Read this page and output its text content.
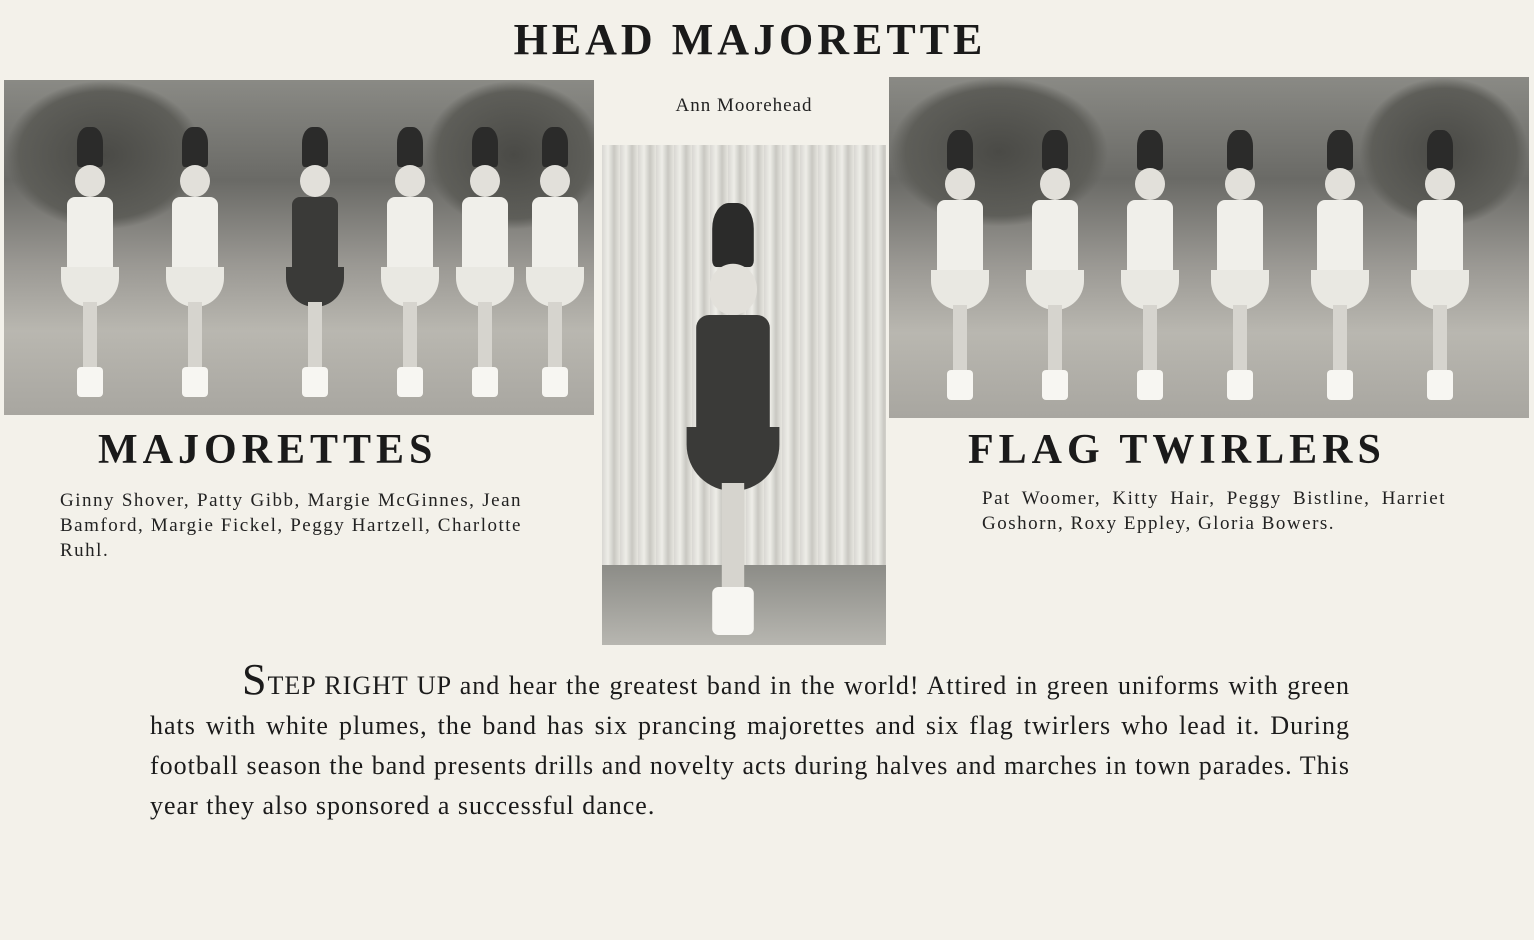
HEAD MAJORETTE
Ann Moorehead
MAJORETTES

Ginny Shover, Patty Gibb, Margie McGinnes, Jean Bamford, Margie Fickel, Peggy Hartzell, Charlotte Ruhl.

FLAG TWIRLERS

Pat Woomer, Kitty Hair, Peggy Bistline, Harriet Goshorn, Roxy Eppley, Gloria Bowers.

STEP RIGHT UP and hear the greatest band in the world! Attired in green uniforms with green hats with white plumes, the band has six prancing majorettes and six flag twirlers who lead it. During football season the band presents drills and novelty acts during halves and marches in town parades. This year they also sponsored a successful dance.
